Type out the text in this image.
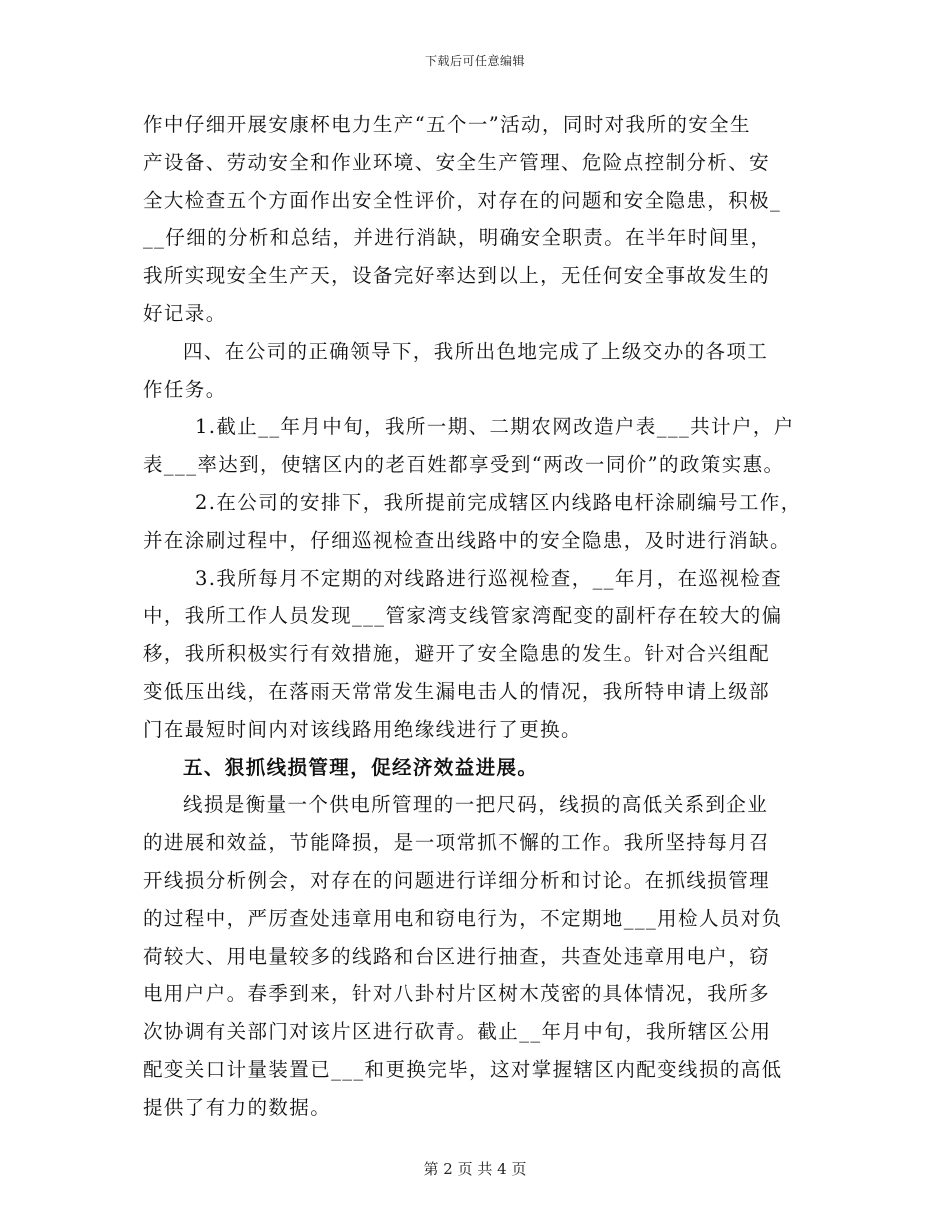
下载后可任意编辑
作中仔细开展安康杯电力生产“五个一”活动，同时对我所的安全生
产设备、劳动安全和作业环境、安全生产管理、危险点控制分析、安
全大检查五个方面作出安全性评价，对存在的问题和安全隐患，积极_
__仔细的分析和总结，并进行消缺，明确安全职责。在半年时间里，
我所实现安全生产天，设备完好率达到以上，无任何安全事故发生的
好记录。
四、在公司的正确领导下，我所出色地完成了上级交办的各项工
作任务。
1.截止__年月中旬，我所一期、二期农网改造户表___共计户，户
表___率达到，使辖区内的老百姓都享受到“两改一同价”的政策实惠。
2.在公司的安排下，我所提前完成辖区内线路电杆涂刷编号工作，
并在涂刷过程中，仔细巡视检查出线路中的安全隐患，及时进行消缺。
3.我所每月不定期的对线路进行巡视检查，__年月，在巡视检查
中，我所工作人员发现___管家湾支线管家湾配变的副杆存在较大的偏
移，我所积极实行有效措施，避开了安全隐患的发生。针对合兴组配
变低压出线，在落雨天常常发生漏电击人的情况，我所特申请上级部
门在最短时间内对该线路用绝缘线进行了更换。
五、狠抓线损管理，促经济效益进展。
线损是衡量一个供电所管理的一把尺码，线损的高低关系到企业
的进展和效益，节能降损，是一项常抓不懈的工作。我所坚持每月召
开线损分析例会，对存在的问题进行详细分析和讨论。在抓线损管理
的过程中，严厉查处违章用电和窃电行为，不定期地___用检人员对负
荷较大、用电量较多的线路和台区进行抽查，共查处违章用电户，窃
电用户户。春季到来，针对八卦村片区树木茂密的具体情况，我所多
次协调有关部门对该片区进行砍青。截止__年月中旬，我所辖区公用
配变关口计量装置已___和更换完毕，这对掌握辖区内配变线损的高低
提供了有力的数据。
第 2 页 共 4 页
